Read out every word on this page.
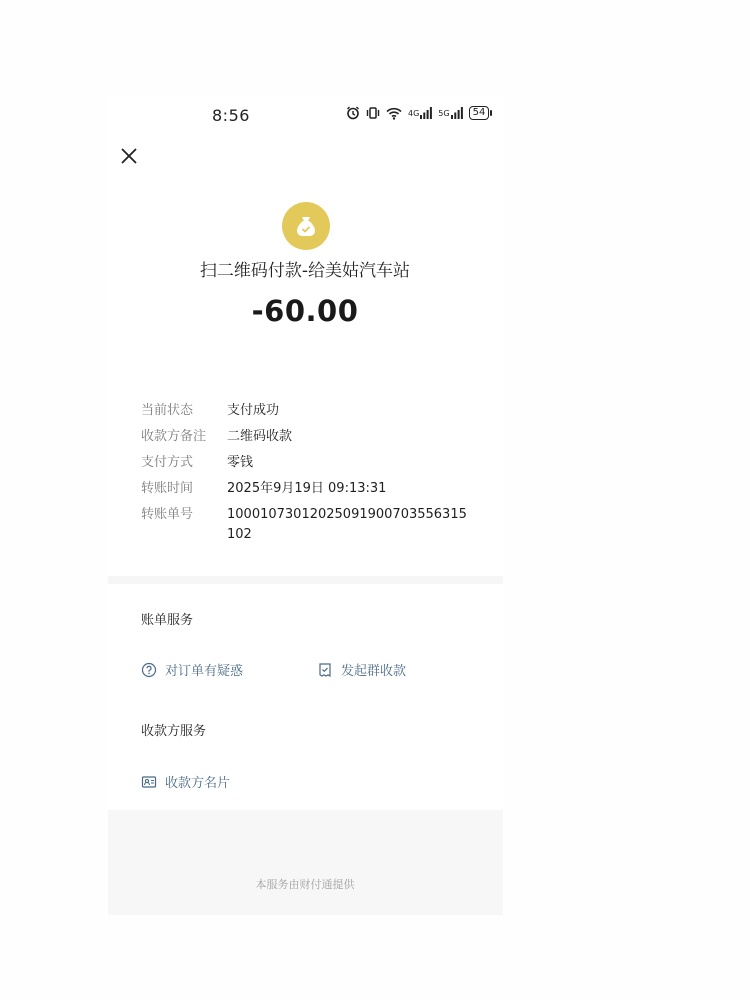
8:56	4G 5G	54
扫二维码付款-给美姑汽车站
-60.00
当前状态	支付成功
收款方备注	二维码收款
支付方式	零钱
转账时间	2025年9月19日 09:13:31
转账单号	100010730120250919007035563151​02
账单服务
对订单有疑惑	发起群收款
收款方服务
收款方名片
本服务由财付通提供
